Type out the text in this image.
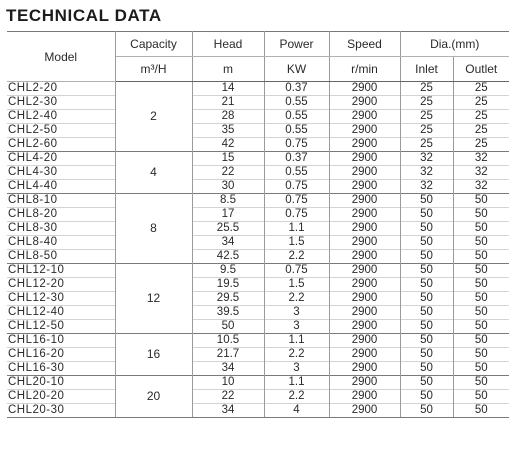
TECHNICAL DATA
Model	Capacity	Head	Power	Speed	Dia.(mm)	
	m³/H	m	KW	r/min	Inlet	Outlet
CHL2-20	2	14	0.37	2900	25	25
CHL2-30		21	0.55	2900	25	25
CHL2-40		28	0.55	2900	25	25
CHL2-50		35	0.55	2900	25	25
CHL2-60		42	0.75	2900	25	25
CHL4-20	4	15	0.37	2900	32	32
CHL4-30		22	0.55	2900	32	32
CHL4-40		30	0.75	2900	32	32
CHL8-10	8	8.5	0.75	2900	50	50
CHL8-20		17	0.75	2900	50	50
CHL8-30		25.5	1.1	2900	50	50
CHL8-40		34	1.5	2900	50	50
CHL8-50		42.5	2.2	2900	50	50
CHL12-10	12	9.5	0.75	2900	50	50
CHL12-20		19.5	1.5	2900	50	50
CHL12-30		29.5	2.2	2900	50	50
CHL12-40		39.5	3	2900	50	50
CHL12-50		50	3	2900	50	50
CHL16-10	16	10.5	1.1	2900	50	50
CHL16-20		21.7	2.2	2900	50	50
CHL16-30		34	3	2900	50	50
CHL20-10	20	10	1.1	2900	50	50
CHL20-20		22	2.2	2900	50	50
CHL20-30		34	4	2900	50	50
